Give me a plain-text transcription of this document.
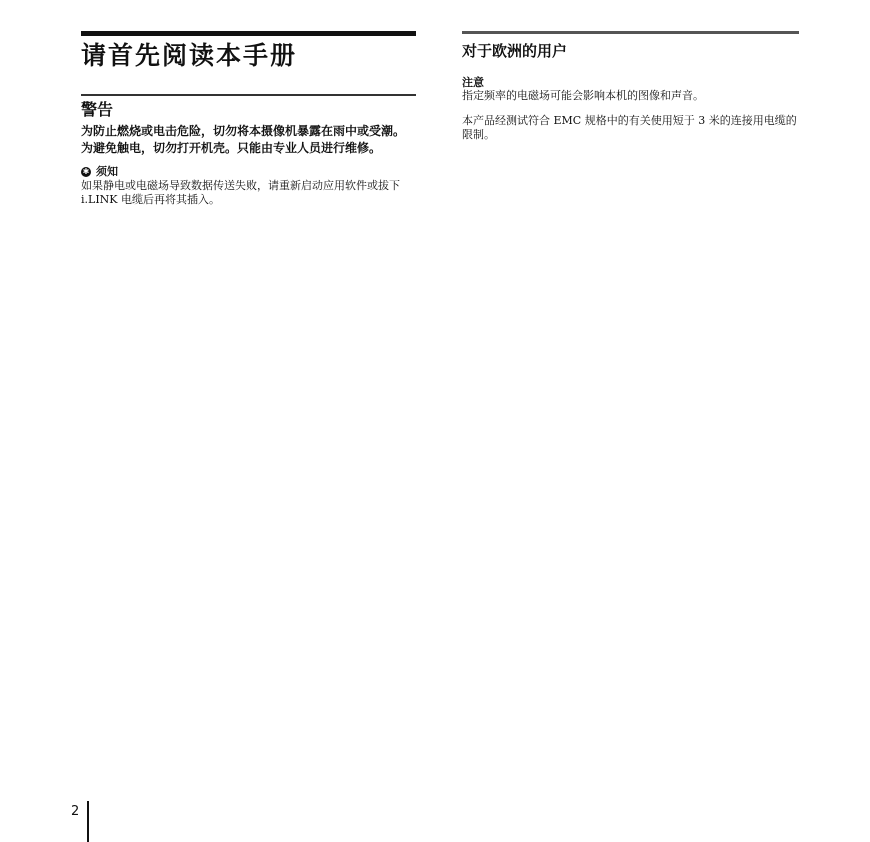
请首先阅读本手册
警告

为防止燃烧或电击危险，切勿将本摄像机暴露在雨中或受潮。

为避免触电，切勿打开机壳。只能由专业人员进行维修。

✱ 须知

如果静电或电磁场导致数据传送失败，请重新启动应用软件或拔下 i.LINK 电缆后再将其插入。

对于欧洲的用户
注意

指定频率的电磁场可能会影响本机的图像和声音。

本产品经测试符合 EMC 规格中的有关使用短于 3 米的连接用电缆的限制。

2
